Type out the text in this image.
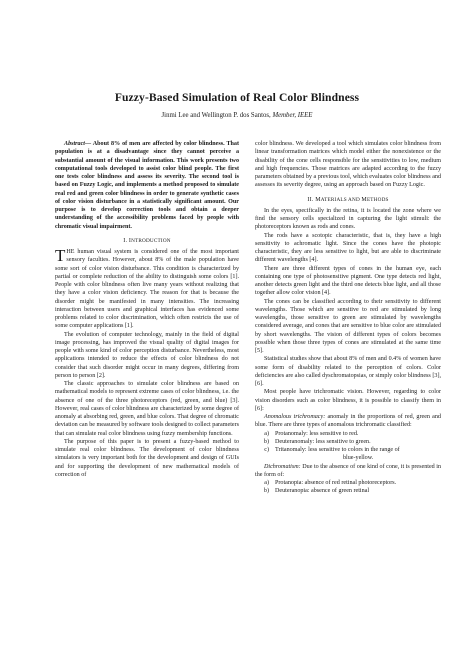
Fuzzy-Based Simulation of Real Color Blindness
Jinmi Lee and Wellington P. dos Santos, Member, IEEE

Abstract— About 8% of men are affected by color blindness. That population is at a disadvantage since they cannot perceive a substantial amount of the visual information. This work presents two computational tools developed to assist color blind people. The first one tests color blindness and assess its severity. The second tool is based on Fuzzy Logic, and implements a method proposed to simulate real red and green color blindness in order to generate synthetic cases of color vision disturbance in a statistically significant amount. Our purpose is to develop correction tools and obtain a deeper understanding of the accessibility problems faced by people with chromatic visual impairment.

I. INTRODUCTION

THE human visual system is considered one of the most important sensory faculties. However, about 8% of the male population have some sort of color vision disturbance. This condition is characterized by partial or complete reduction of the ability to distinguish some colors [1]. People with color blindness often live many years without realizing that they have a color vision deficiency. The reason for that is because the disorder might be manifested in many intensities. The increasing interaction between users and graphical interfaces has evidenced some problems related to color discrimination, which often restricts the use of some computer applications [1].

The evolution of computer technology, mainly in the field of digital image processing, has improved the visual quality of digital images for people with some kind of color perception disturbance. Nevertheless, most applications intended to reduce the effects of color blindness do not consider that such disorder might occur in many degrees, differing from person to person [2].

The classic approaches to simulate color blindness are based on mathematical models to represent extreme cases of color blindness, i.e. the absence of one of the three photoreceptors (red, green, and blue) [3]. However, real cases of color blindness are characterized by some degree of anomaly at absorbing red, green, and blue colors. That degree of chromatic deviation can be measured by software tools designed to collect parameters that can simulate real color blindness using fuzzy membership functions.

The purpose of this paper is to present a fuzzy-based method to simulate real color blindness. The development of color blindness simulators is very important both for the development and design of GUIs and for supporting the development of new mathematical models of correction of

color blindness. We developed a tool which simulates color blindness from linear transformation matrices which model either the nonexistence or the disability of the cone cells responsible for the sensitivities to low, medium and high frequencies. Those matrices are adapted according to the fuzzy parameters obtained by a previous tool, which evaluates color blindness and assesses its severity degree, using an approach based on Fuzzy Logic.

II. MATERIALS AND METHODS

In the eyes, specifically in the retina, it is located the zone where we find the sensory cells specialized in capturing the light stimuli: the photoreceptors known as rods and cones.

The rods have a scotopic characteristic, that is, they have a high sensitivity to achromatic light. Since the cones have the photopic characteristic, they are less sensitive to light, but are able to discriminate different wavelengths [4].

There are three different types of cones in the human eye, each containing one type of photosensitive pigment. One type detects red light, another detects green light and the third one detects blue light, and all those together allow color vision [4].

The cones can be classified according to their sensitivity to different wavelengths. Those which are sensitive to red are stimulated by long wavelengths, those sensitive to green are stimulated by wavelengths considered average, and cones that are sensitive to blue color are stimulated by short wavelengths. The vision of different types of colors becomes possible when those three types of cones are stimulated at the same time [5].

Statistical studies show that about 8% of men and 0.4% of women have some form of disability related to the perception of colors. Color deficiencies are also called dyschromatopsias, or simply color blindness [3], [6].

Most people have trichromatic vision. However, regarding to color vision disorders such as color blindness, it is possible to classify them in [6]:

Anomalous trichromacy: anomaly in the proportions of red, green and blue. There are three types of anomalous trichromatic classified:

a) Protanomaly: less sensitive to red.
b) Deuteranomaly: less sensitive to green.
c) Tritanomaly: less sensitive to colors in the range of
blue-yellow.

Dichromatism: Due to the absence of one kind of cone, it is presented in the form of:

a) Protanopia: absence of red retinal photoreceptors.
b) Deuteranopia: absence of green retinal
